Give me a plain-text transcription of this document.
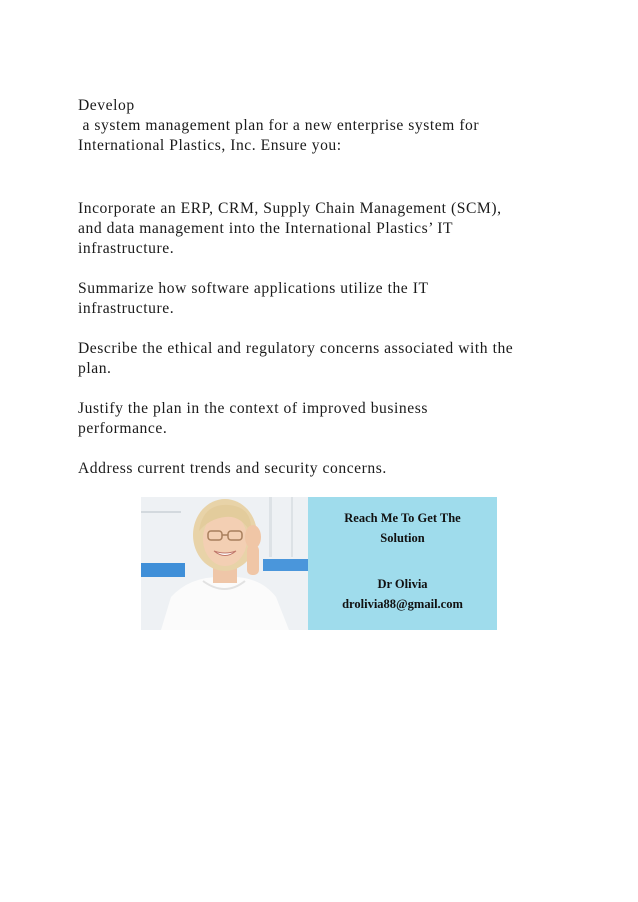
Develop
a system management plan for a new enterprise system for
International Plastics, Inc. Ensure you:

Incorporate an ERP, CRM, Supply Chain Management (SCM),
and data management into the International Plastics’ IT
infrastructure.

Summarize how software applications utilize the IT
infrastructure.

Describe the ethical and regulatory concerns associated with the
plan.

Justify the plan in the context of improved business
performance.

Address current trends and security concerns.

Reach Me To Get The
Solution
Dr Olivia
drolivia88@gmail.com
